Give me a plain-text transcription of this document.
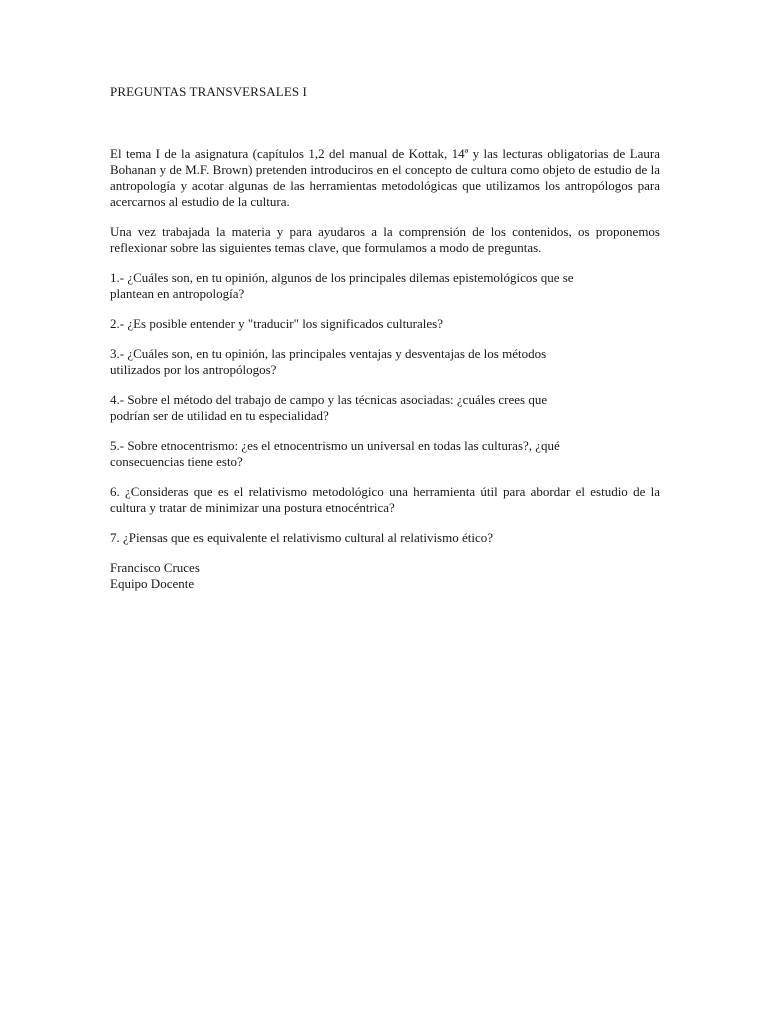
PREGUNTAS TRANSVERSALES I

El tema I de la asignatura (capítulos 1,2 del manual de Kottak, 14ª y las lecturas obligatorias de Laura Bohanan y de M.F. Brown) pretenden introduciros en el concepto de cultura como objeto de estudio de la antropología y acotar algunas de las herramientas metodológicas que utilizamos los antropólogos para acercarnos al estudio de la cultura.

Una vez trabajada la materia y para ayudaros a la comprensión de los contenidos, os proponemos reflexionar sobre las siguientes temas clave, que formulamos a modo de preguntas.

1.- ¿Cuáles son, en tu opinión, algunos de los principales dilemas epistemológicos que se
plantean en antropología?

2.- ¿Es posible entender y "traducir" los significados culturales?

3.- ¿Cuáles son, en tu opinión, las principales ventajas y desventajas de los métodos
utilizados por los antropólogos?

4.- Sobre el método del trabajo de campo y las técnicas asociadas: ¿cuáles crees que
podrían ser de utilidad en tu especialidad?

5.- Sobre etnocentrismo: ¿es el etnocentrismo un universal en todas las culturas?, ¿qué
consecuencias tiene esto?

6. ¿Consideras que es el relativismo metodológico una herramienta útil para abordar el estudio de la cultura y tratar de minimizar una postura etnocéntrica?

7. ¿Piensas que es equivalente el relativismo cultural al relativismo ético?

Francisco Cruces
Equipo Docente
